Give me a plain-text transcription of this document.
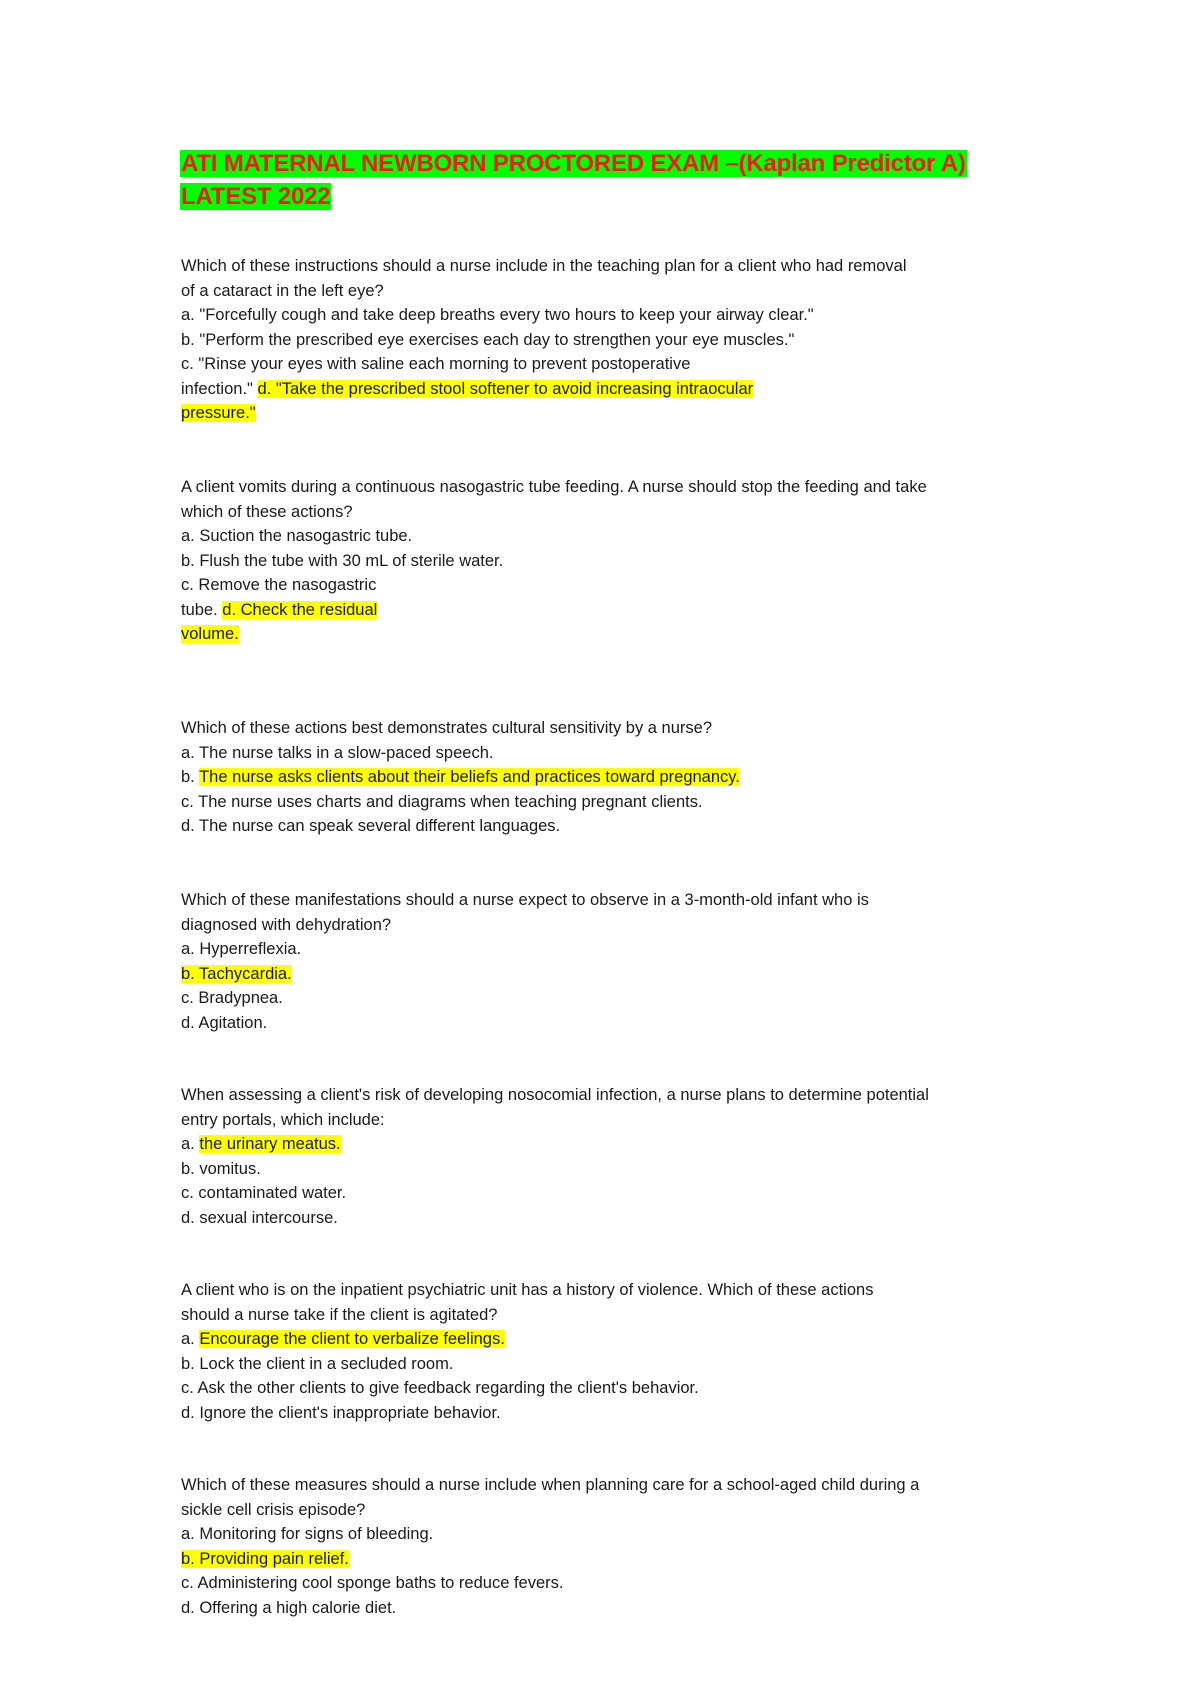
ATI MATERNAL NEWBORN PROCTORED EXAM –(Kaplan Predictor A)
LATEST 2022

Which of these instructions should a nurse include in the teaching plan for a client who had removal

of a cataract in the left eye?

a. "Forcefully cough and take deep breaths every two hours to keep your airway clear."

b. "Perform the prescribed eye exercises each day to strengthen your eye muscles."

c. "Rinse your eyes with saline each morning to prevent postoperative

infection." d. "Take the prescribed stool softener to avoid increasing intraocular

pressure."

A client vomits during a continuous nasogastric tube feeding. A nurse should stop the feeding and take

which of these actions?

a. Suction the nasogastric tube.

b. Flush the tube with 30 mL of sterile water.

c. Remove the nasogastric

tube. d. Check the residual

volume.

Which of these actions best demonstrates cultural sensitivity by a nurse?

a. The nurse talks in a slow-paced speech.

b. The nurse asks clients about their beliefs and practices toward pregnancy.

c. The nurse uses charts and diagrams when teaching pregnant clients.

d. The nurse can speak several different languages.

Which of these manifestations should a nurse expect to observe in a 3-month-old infant who is

diagnosed with dehydration?

a. Hyperreflexia.

b. Tachycardia.

c. Bradypnea.

d. Agitation.

When assessing a client's risk of developing nosocomial infection, a nurse plans to determine potential

entry portals, which include:

a. the urinary meatus.

b. vomitus.

c. contaminated water.

d. sexual intercourse.

A client who is on the inpatient psychiatric unit has a history of violence. Which of these actions

should a nurse take if the client is agitated?

a. Encourage the client to verbalize feelings.

b. Lock the client in a secluded room.

c. Ask the other clients to give feedback regarding the client's behavior.

d. Ignore the client's inappropriate behavior.

Which of these measures should a nurse include when planning care for a school-aged child during a

sickle cell crisis episode?

a. Monitoring for signs of bleeding.

b. Providing pain relief.

c. Administering cool sponge baths to reduce fevers.

d. Offering a high calorie diet.
